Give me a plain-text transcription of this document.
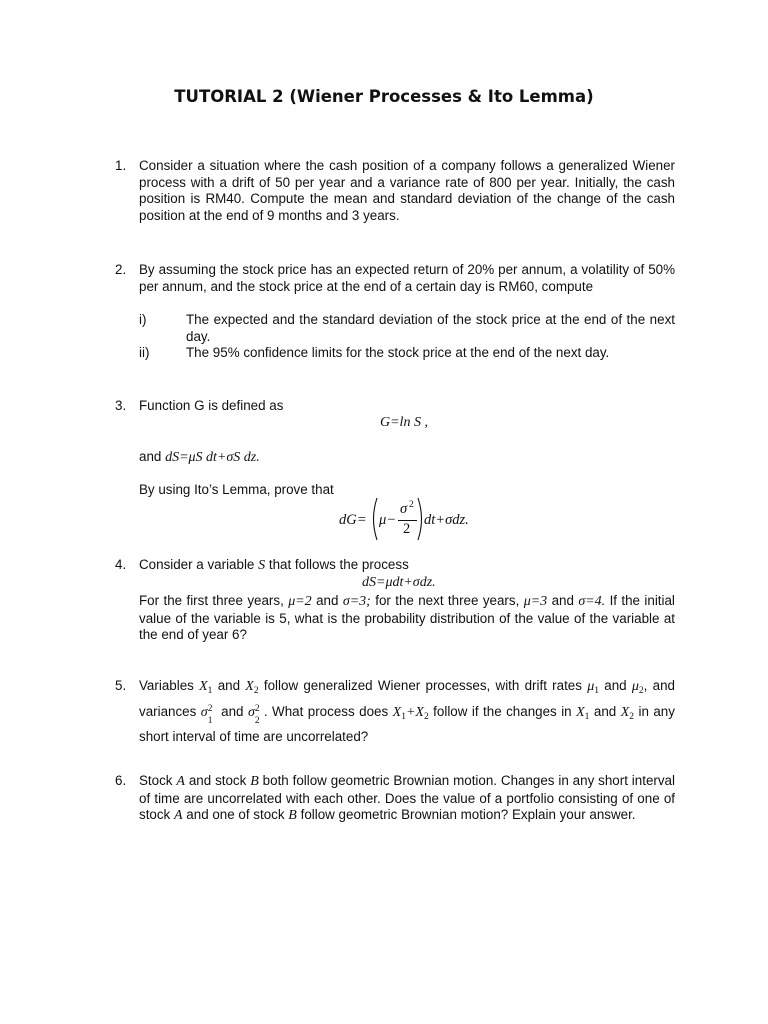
TUTORIAL 2 (Wiener Processes & Ito Lemma)
1. Consider a situation where the cash position of a company follows a generalized Wiener process with a drift of 50 per year and a variance rate of 800 per year. Initially, the cash position is RM40. Compute the mean and standard deviation of the change of the cash position at the end of 9 months and 3 years.
2. By assuming the stock price has an expected return of 20% per annum, a volatility of 50% per annum, and the stock price at the end of a certain day is RM60, compute
i)	The expected and the standard deviation of the stock price at the end of the next day.
ii)	The 95% confidence limits for the stock price at the end of the next day.
3. Function G is defined as
G=ln S ,
and dS=μS dt+σS dz.
By using Ito’s Lemma, prove that
dG= μ−
σ 2
2
dt+σdz.
4. Consider a variable S that follows the process
dS=μdt+σdz.
For the first three years, μ=2 and σ=3; for the next three years, μ=3 and σ=4. If the initial value of the variable is 5, what is the probability distribution of the value of the variable at the end of year 6?
5. Variables $X_1$ and $X_2$ follow generalized Wiener processes, with drift rates $\mu_1$ and $\mu_2$, and variances σ 2
1
and σ 2
2
. What process does $X_1+X_2$ follow if the changes in $X_1$ and $X_2$ in any short interval of time are uncorrelated?
6. Stock A and stock B both follow geometric Brownian motion. Changes in any short interval of time are uncorrelated with each other. Does the value of a portfolio consisting of one of stock A and one of stock B follow geometric Brownian motion? Explain your answer.
